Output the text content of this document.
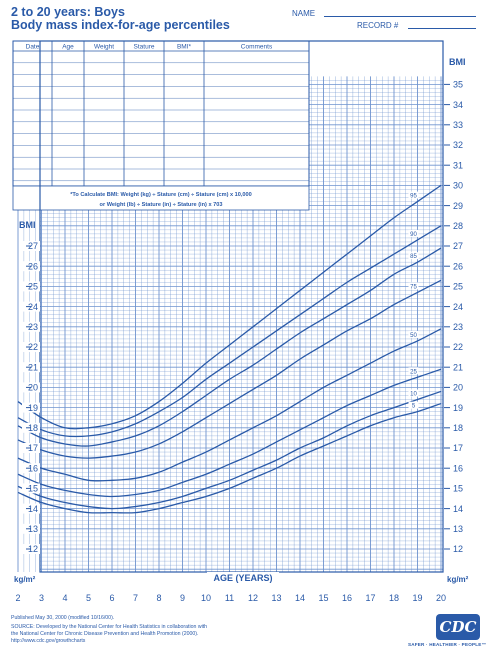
2 to 20 years: Boys
Body mass index-for-age percentiles
NAME
RECORD #
Date	Age	Weight	Stature	BMI*	Comments
*To Calculate BMI: Weight (kg) ÷ Stature (cm) ÷ Stature (cm) x 10,000
or Weight (lb) ÷ Stature (in) ÷ Stature (in) x 703
5
10
25
50
75
85
90
95
12
13
14
15
16
17
18
19
20
21
22
23
24
25
26
27
12
13
14
15
16
17
18
19
20
21
22
23
24
25
26
27
28
29
30
31
32
33
34
35
2 3 4 5 6 7 8 9 10 11 12 13 14 15 16 17 18 19 20
BMI
BMI
kg/m²	kg/m²
AGE (YEARS)
Published May 30, 2000 (modified 10/16/00).
SOURCE: Developed by the National Center for Health Statistics in collaboration with
the National Center for Chronic Disease Prevention and Health Promotion (2000).
http://www.cdc.gov/growthcharts
CDC
SAFER · HEALTHIER · PEOPLE™
